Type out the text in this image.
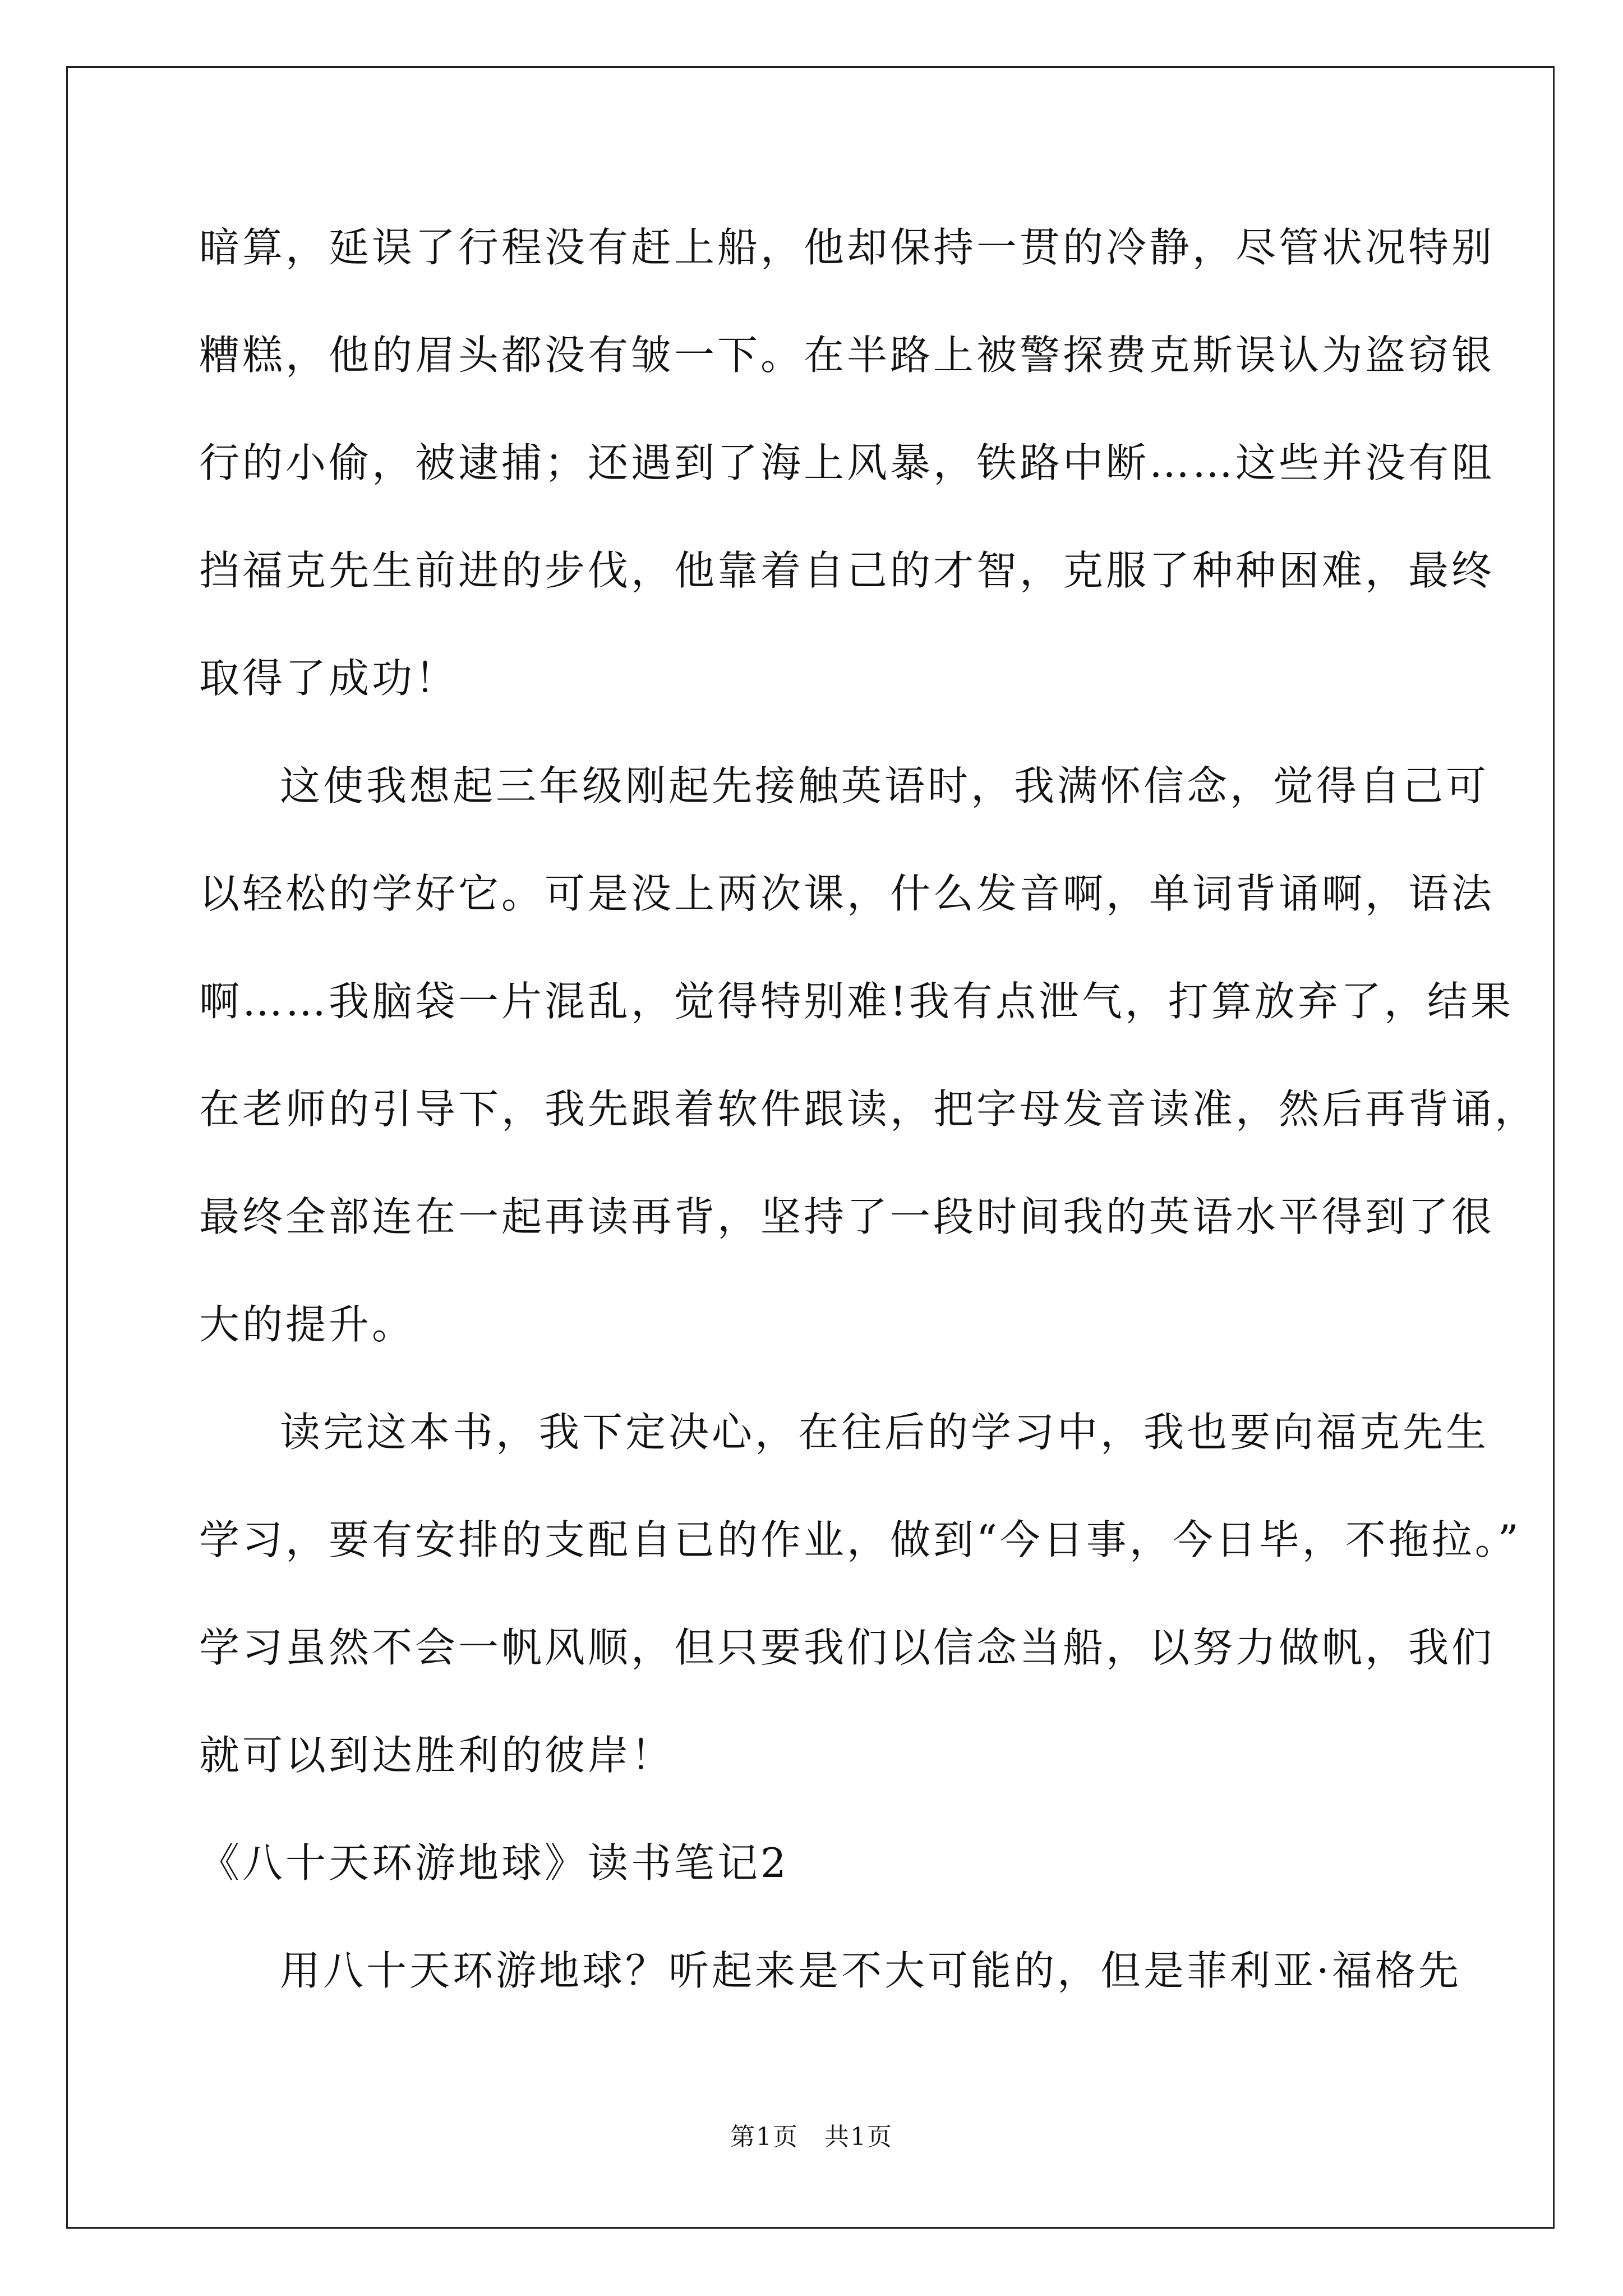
暗算，延误了行程没有赶上船，他却保持一贯的冷静，尽管状况特别
糟糕，他的眉头都没有皱一下。在半路上被警探费克斯误认为盗窃银
行的小偷，被逮捕；还遇到了海上风暴，铁路中断……这些并没有阻
挡福克先生前进的步伐，他靠着自己的才智，克服了种种困难，最终
取得了成功！
这使我想起三年级刚起先接触英语时，我满怀信念，觉得自己可
以轻松的学好它。可是没上两次课，什么发音啊，单词背诵啊，语法
啊……我脑袋一片混乱，觉得特别难!我有点泄气，打算放弃了，结果
在老师的引导下，我先跟着软件跟读，把字母发音读准，然后再背诵，
最终全部连在一起再读再背，坚持了一段时间我的英语水平得到了很
大的提升。
读完这本书，我下定决心，在往后的学习中，我也要向福克先生
学习，要有安排的支配自已的作业，做到“今日事，今日毕，不拖拉。”
学习虽然不会一帆风顺，但只要我们以信念当船，以努力做帆，我们
就可以到达胜利的彼岸！
《八十天环游地球》读书笔记2
用八十天环游地球？听起来是不大可能的，但是菲利亚·福格先
第1页　共1页
